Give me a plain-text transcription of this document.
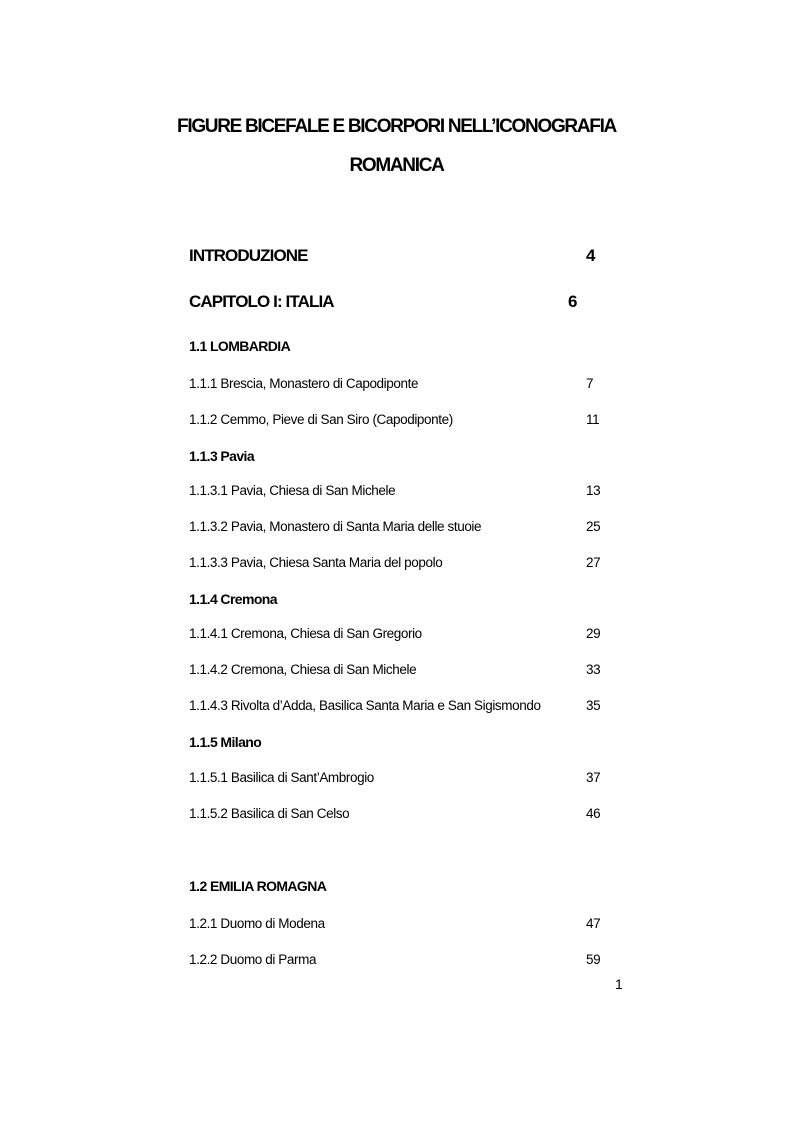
FIGURE BICEFALE E BICORPORI NELL’ICONOGRAFIA
ROMANICA
INTRODUZIONE	4
CAPITOLO I: ITALIA	6
1.1 LOMBARDIA
1.1.1 Brescia, Monastero di Capodiponte	7
1.1.2 Cemmo, Pieve di San Siro (Capodiponte)	11
1.1.3 Pavia
1.1.3.1 Pavia, Chiesa di San Michele	13
1.1.3.2 Pavia, Monastero di Santa Maria delle stuoie	25
1.1.3.3 Pavia, Chiesa Santa Maria del popolo	27
1.1.4 Cremona
1.1.4.1 Cremona, Chiesa di San Gregorio	29
1.1.4.2 Cremona, Chiesa di San Michele	33
1.1.4.3 Rivolta d’Adda, Basilica Santa Maria e San Sigismondo	35
1.1.5 Milano
1.1.5.1 Basilica di Sant’Ambrogio	37
1.1.5.2 Basilica di San Celso	46
1.2 EMILIA ROMAGNA
1.2.1 Duomo di Modena	47
1.2.2 Duomo di Parma	59
1
